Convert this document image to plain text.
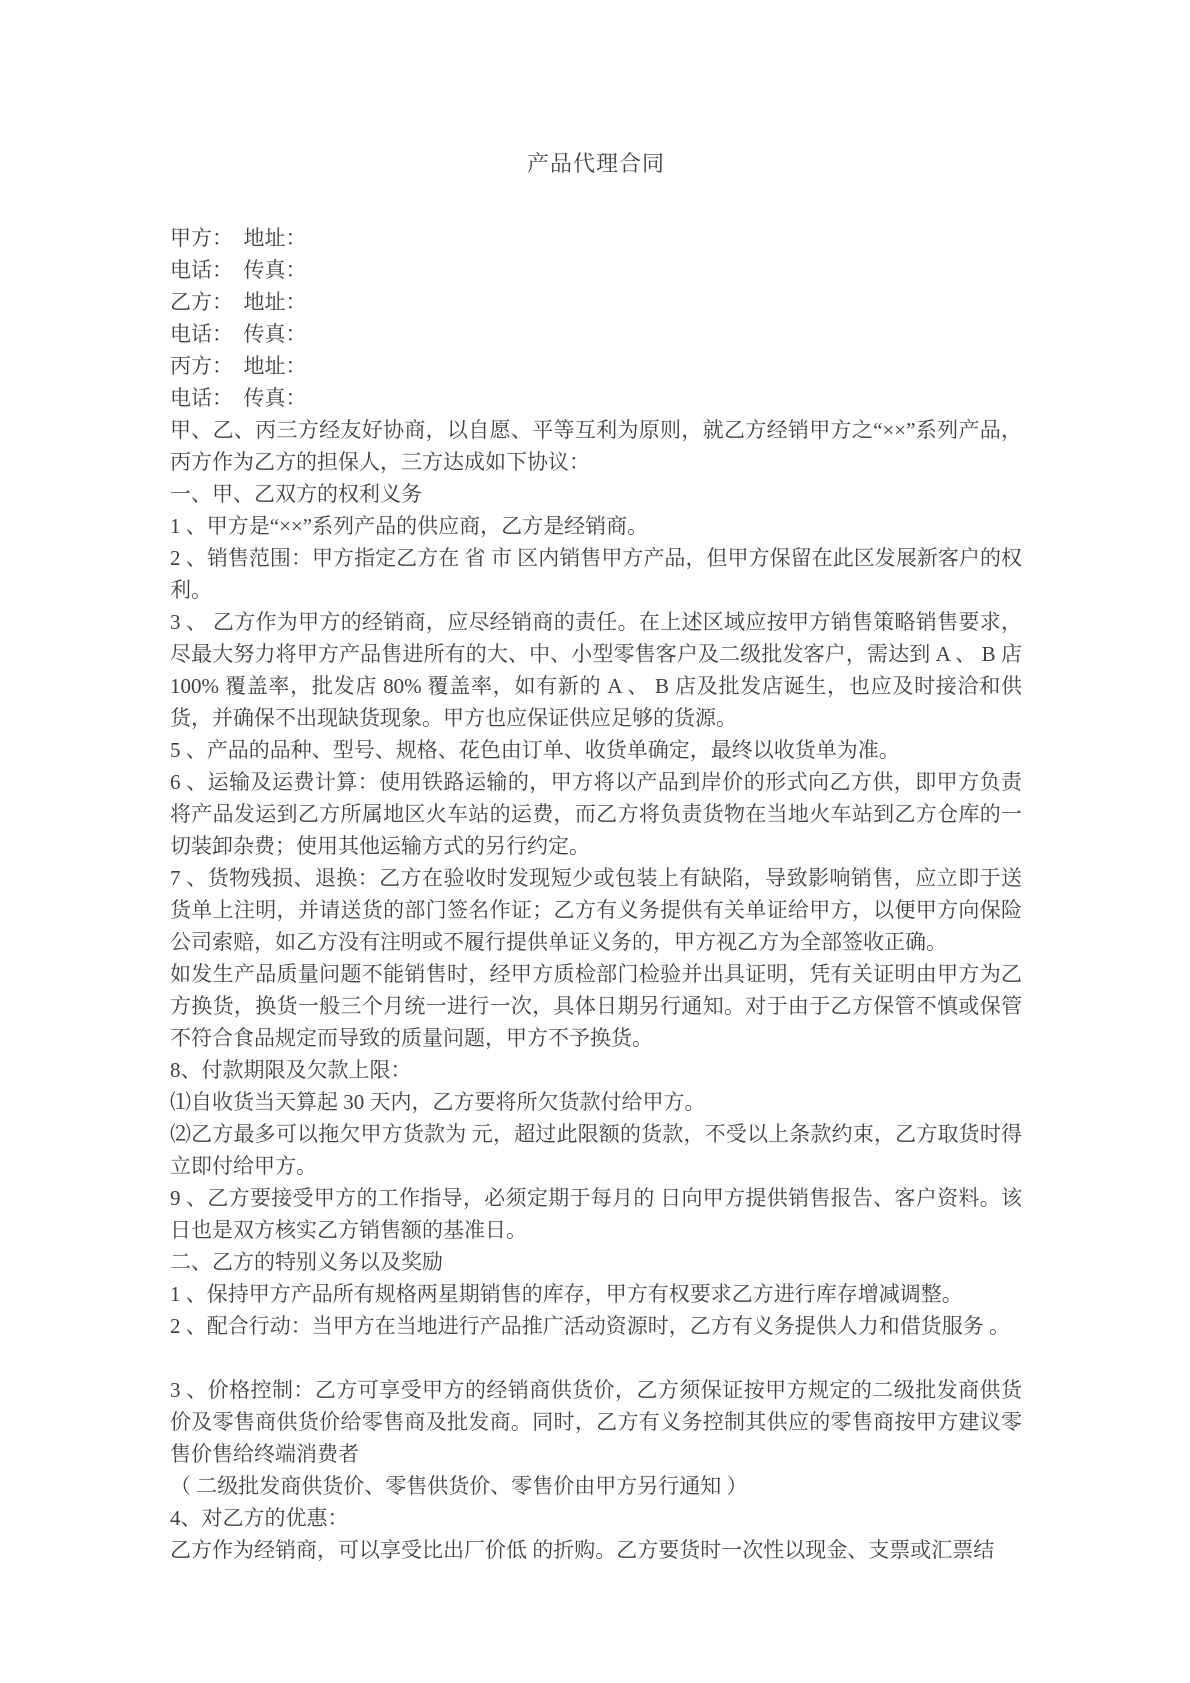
产品代理合同

甲方：　地址：

电话：　传真：

乙方：　地址：

电话：　传真：

丙方：　地址：

电话：　传真：

甲、乙、丙三方经友好协商，以自愿、平等互利为原则，就乙方经销甲方之“××”系列产品，丙方作为乙方的担保人，三方达成如下协议：

一、甲、乙双方的权利义务

1 、甲方是“××”系列产品的供应商，乙方是经销商。

2 、销售范围：甲方指定乙方在 省 市 区内销售甲方产品，但甲方保留在此区发展新客户的权利。

3 、 乙方作为甲方的经销商，应尽经销商的责任。在上述区域应按甲方销售策略销售要求，尽最大努力将甲方产品售进所有的大、中、小型零售客户及二级批发客户，需达到 A 、 B 店 100% 覆盖率，批发店 80% 覆盖率，如有新的 A 、 B 店及批发店诞生，也应及时接洽和供货，并确保不出现缺货现象。甲方也应保证供应足够的货源。

5 、产品的品种、型号、规格、花色由订单、收货单确定，最终以收货单为准。

6 、运输及运费计算：使用铁路运输的，甲方将以产品到岸价的形式向乙方供，即甲方负责将产品发运到乙方所属地区火车站的运费，而乙方将负责货物在当地火车站到乙方仓库的一切装卸杂费；使用其他运输方式的另行约定。

7 、货物残损、退换：乙方在验收时发现短少或包装上有缺陷，导致影响销售，应立即于送货单上注明，并请送货的部门签名作证；乙方有义务提供有关单证给甲方，以便甲方向保险公司索赔，如乙方没有注明或不履行提供单证义务的，甲方视乙方为全部签收正确。

如发生产品质量问题不能销售时，经甲方质检部门检验并出具证明，凭有关证明由甲方为乙方换货，换货一般三个月统一进行一次，具体日期另行通知。对于由于乙方保管不慎或保管不符合食品规定而导致的质量问题，甲方不予换货。

8、付款期限及欠款上限：

⑴自收货当天算起 30 天内，乙方要将所欠货款付给甲方。

⑵乙方最多可以拖欠甲方货款为 元，超过此限额的货款，不受以上条款约束，乙方取货时得立即付给甲方。

9 、乙方要接受甲方的工作指导，必须定期于每月的 日向甲方提供销售报告、客户资料。该日也是双方核实乙方销售额的基准日。

二、乙方的特别义务以及奖励

1 、保持甲方产品所有规格两星期销售的库存，甲方有权要求乙方进行库存增减调整。

2 、配合行动：当甲方在当地进行产品推广活动资源时，乙方有义务提供人力和借货服务 。

3 、价格控制：乙方可享受甲方的经销商供货价，乙方须保证按甲方规定的二级批发商供货价及零售商供货价给零售商及批发商。同时，乙方有义务控制其供应的零售商按甲方建议零售价售给终端消费者

（ 二级批发商供货价、零售供货价、零售价由甲方另行通知 ）

4、对乙方的优惠：

乙方作为经销商，可以享受比出厂价低 的折购。乙方要货时一次性以现金、支票或汇票结
